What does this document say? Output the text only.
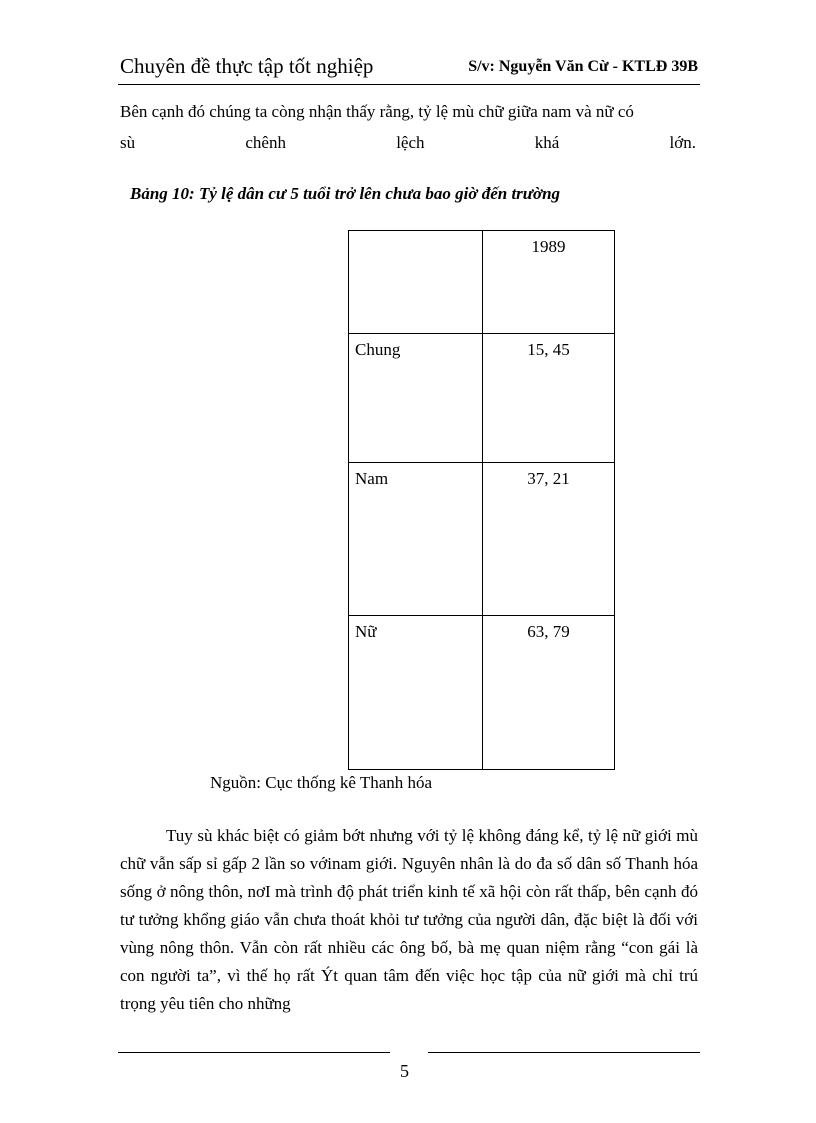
Chuyên đề thực tập tốt nghiệp	S/v: Nguyễn Văn Cừ - KTLĐ 39B
Bên cạnh đó chúng ta còng nhận thấy rằng, tỷ lệ mù chữ giữa nam và nữ có
sù	chênh	lệch	khá	lớn.
Bảng 10: Tỷ lệ dân cư 5 tuổi trở lên chưa bao giờ đến trường
	1989
Chung	15, 45
Nam	37, 21
Nữ	63, 79
Nguồn: Cục thống kê Thanh hóa

Tuy sù khác biệt có giảm bớt nhưng với tỷ lệ không đáng kể, tỷ lệ nữ giới mù chữ vẫn sấp sỉ gấp 2 lần so vớinam giới. Nguyên nhân là do đa số dân số Thanh hóa sống ở nông thôn, nơI mà trình độ phát triển kinh tế xã hội còn rất thấp, bên cạnh đó tư tưởng khổng giáo vẫn chưa thoát khỏi tư tưởng của người dân, đặc biệt là đối với vùng nông thôn. Vẫn còn rất nhiều các ông bố, bà mẹ quan niệm rằng “con gái là con người ta”, vì thế họ rất Ýt quan tâm đến việc học tập của nữ giới mà chỉ trú trọng yêu tiên cho những

5
